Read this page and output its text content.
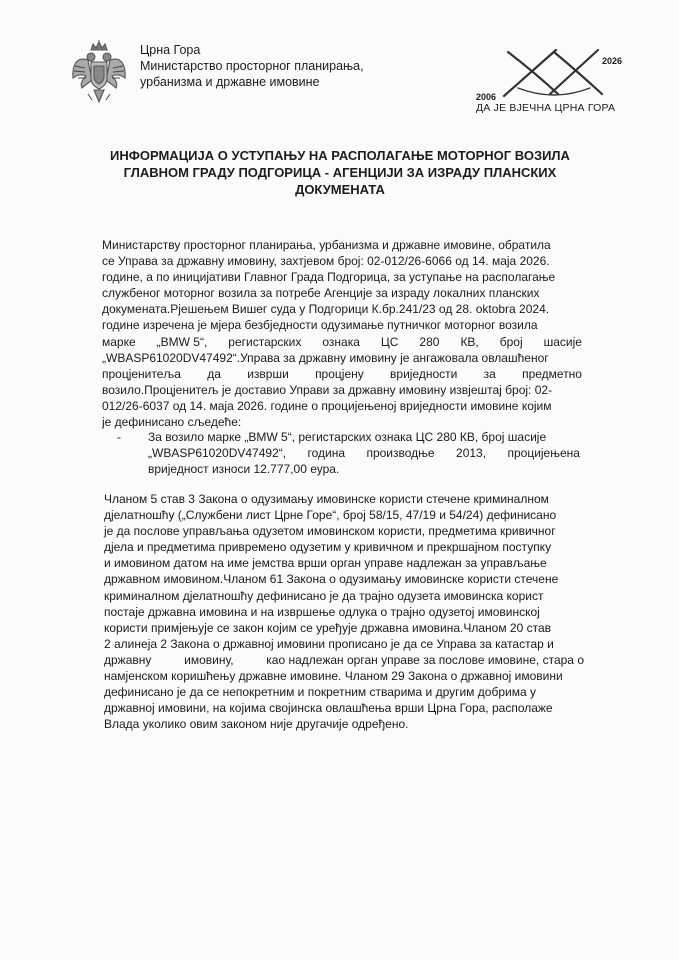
Црна Гора
Министарство просторног планирања,
урбанизма и државне имовине
2006
2026
ДА ЈЕ ВЈЕЧНА ЦРНА ГОРА
ИНФОРМАЦИЈА О УСТУПАЊУ НА РАСПОЛАГАЊЕ МОТОРНОГ ВОЗИЛА
ГЛАВНОМ ГРАДУ ПОДГОРИЦА - АГЕНЦИЈИ ЗА ИЗРАДУ ПЛАНСКИХ
ДОКУМЕНАТА
Министарству просторног планирања, урбанизма и државне имовине, обратила
се Управа за државну имовину, захтјевом број: 02-012/26-6066 од 14. маја 2026.
године, а по иницијативи Главног Града Подгорица, за уступање на располагање
службеног моторног возила за потребе Агенције за израду локалних планских
докумената.Рјешењем Вишег суда у Подгорици К.бр.241/23 од 28. oktobra 2024.
године изречена је мјера безбједности одузимање путничког моторног возила
марке „BMW 5“, регистарских ознака ЦС 280 КВ, број шасије
„WBASP61020DV47492“.Управа за државну имовину је ангажовала овлашћеног
процјенитеља да изврши процјену вриједности за предметно
возило.Процјенитељ је доставио Управи за државну имовину извјештај број: 02-
012/26-6037 од 14. маја 2026. године о процијењеној вриједности имовине којим
је дефинисано сљедеће:
- За возило марке „BMW 5“, регистарских ознака ЦС 280 КВ, број шасије
„WBASP61020DV47492“, година производње 2013, процијењена
вриједност износи 12.777,00 еура.
Чланом 5 став 3 Закона о одузимању имовинске користи стечене криминалном
дјелатношћу („Службени лист Црне Горе“, број 58/15, 47/19 и 54/24) дефинисано
је да послове управљања одузетом имовинском користи, предметима кривичног
дјела и предметима привремено одузетим у кривичном и прекршајном поступку
и имовином датом на име јемства врши орган управе надлежан за управљање
државном имовином.Чланом 61 Закона о одузимању имовинске користи стечене
криминалном дјелатношћу дефинисано је да трајно одузета имовинска корист
постаје државна имовина и на извршење одлука о трајно одузетој имовинској
користи примјењује се закон којим се уређује државна имовина.Чланом 20 став
2 алинеја 2 Закона о државној имовини прописано је да се Управа за катастар и
државну	имовину,	као надлежан орган управе за послове имовине, стара о
намјенском коришћењу државне имовине. Чланом 29 Закона о државној имовини
дефинисано је да се непокретним и покретним стварима и другим добрима у
државној имовини, на којима својинска овлашћења врши Црна Гора, располаже
Влада уколико овим законом није другачије одређено.
